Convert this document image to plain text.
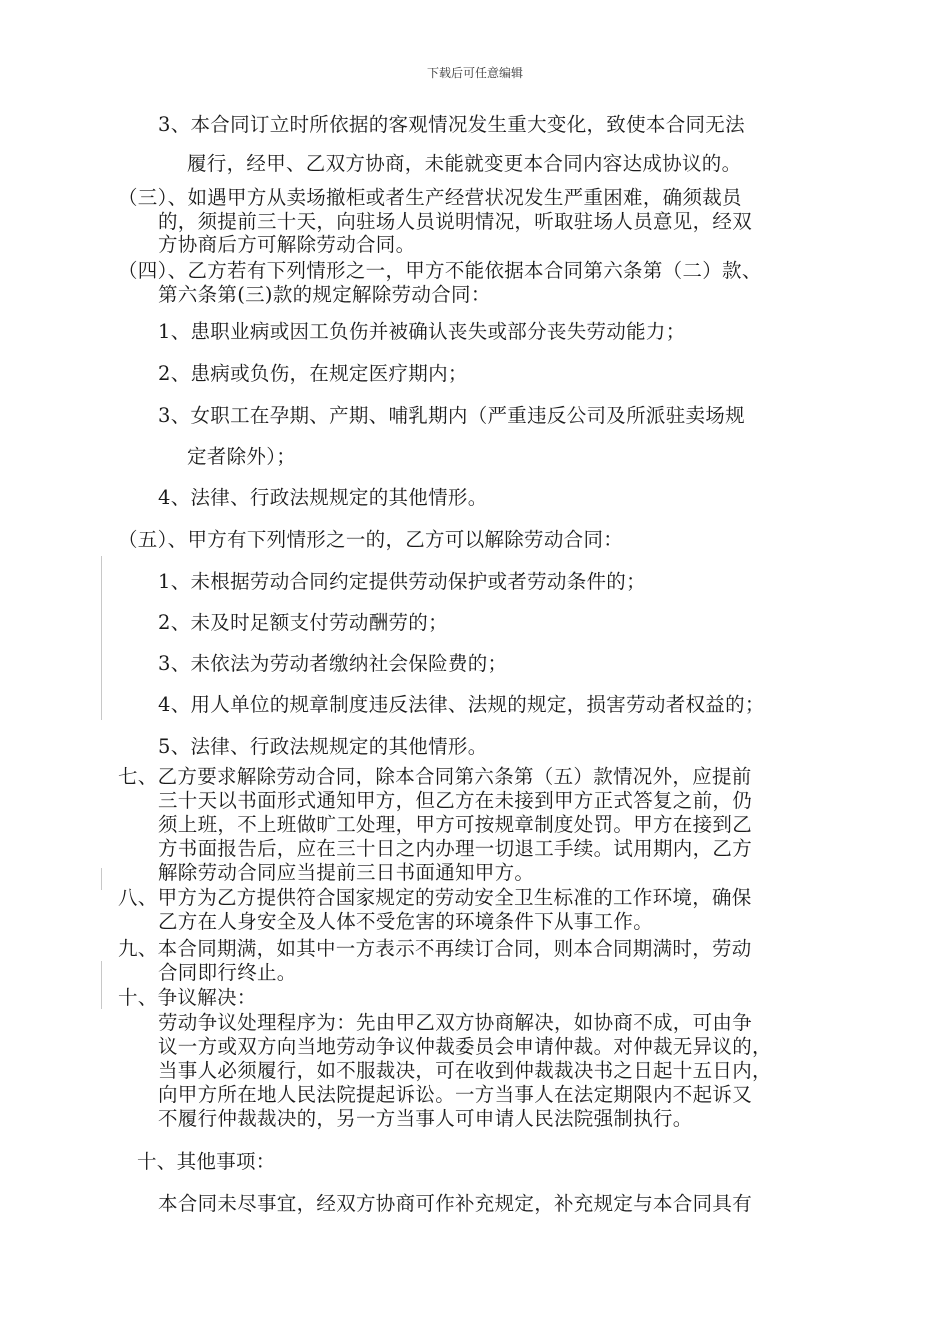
下载后可任意编辑
3、本合同订立时所依据的客观情况发生重大变化，致使本合同无法
履行，经甲、乙双方协商，未能就变更本合同内容达成协议的。
（三）、如遇甲方从卖场撤柜或者生产经营状况发生严重困难，确须裁员
的，须提前三十天，向驻场人员说明情况，听取驻场人员意见，经双
方协商后方可解除劳动合同。
（四）、乙方若有下列情形之一，甲方不能依据本合同第六条第（二）款、
第六条第(三)款的规定解除劳动合同：
1、患职业病或因工负伤并被确认丧失或部分丧失劳动能力；
2、患病或负伤，在规定医疗期内；
3、女职工在孕期、产期、哺乳期内（严重违反公司及所派驻卖场规
定者除外）；
4、法律、行政法规规定的其他情形。
（五）、甲方有下列情形之一的，乙方可以解除劳动合同：
1、未根据劳动合同约定提供劳动保护或者劳动条件的；
2、未及时足额支付劳动酬劳的；
3、未依法为劳动者缴纳社会保险费的；
4、用人单位的规章制度违反法律、法规的规定，损害劳动者权益的；
5、法律、行政法规规定的其他情形。
七、乙方要求解除劳动合同，除本合同第六条第（五）款情况外，应提前
三十天以书面形式通知甲方，但乙方在未接到甲方正式答复之前，仍
须上班，不上班做旷工处理，甲方可按规章制度处罚。甲方在接到乙
方书面报告后，应在三十日之内办理一切退工手续。试用期内，乙方
解除劳动合同应当提前三日书面通知甲方。
八、甲方为乙方提供符合国家规定的劳动安全卫生标准的工作环境，确保
乙方在人身安全及人体不受危害的环境条件下从事工作。
九、本合同期满，如其中一方表示不再续订合同，则本合同期满时，劳动
合同即行终止。
十、争议解决：
劳动争议处理程序为：先由甲乙双方协商解决，如协商不成，可由争
议一方或双方向当地劳动争议仲裁委员会申请仲裁。对仲裁无异议的，
当事人必须履行，如不服裁决，可在收到仲裁裁决书之日起十五日内，
向甲方所在地人民法院提起诉讼。一方当事人在法定期限内不起诉又
不履行仲裁裁决的，另一方当事人可申请人民法院强制执行。
十、其他事项：
本合同未尽事宜，经双方协商可作补充规定，补充规定与本合同具有
